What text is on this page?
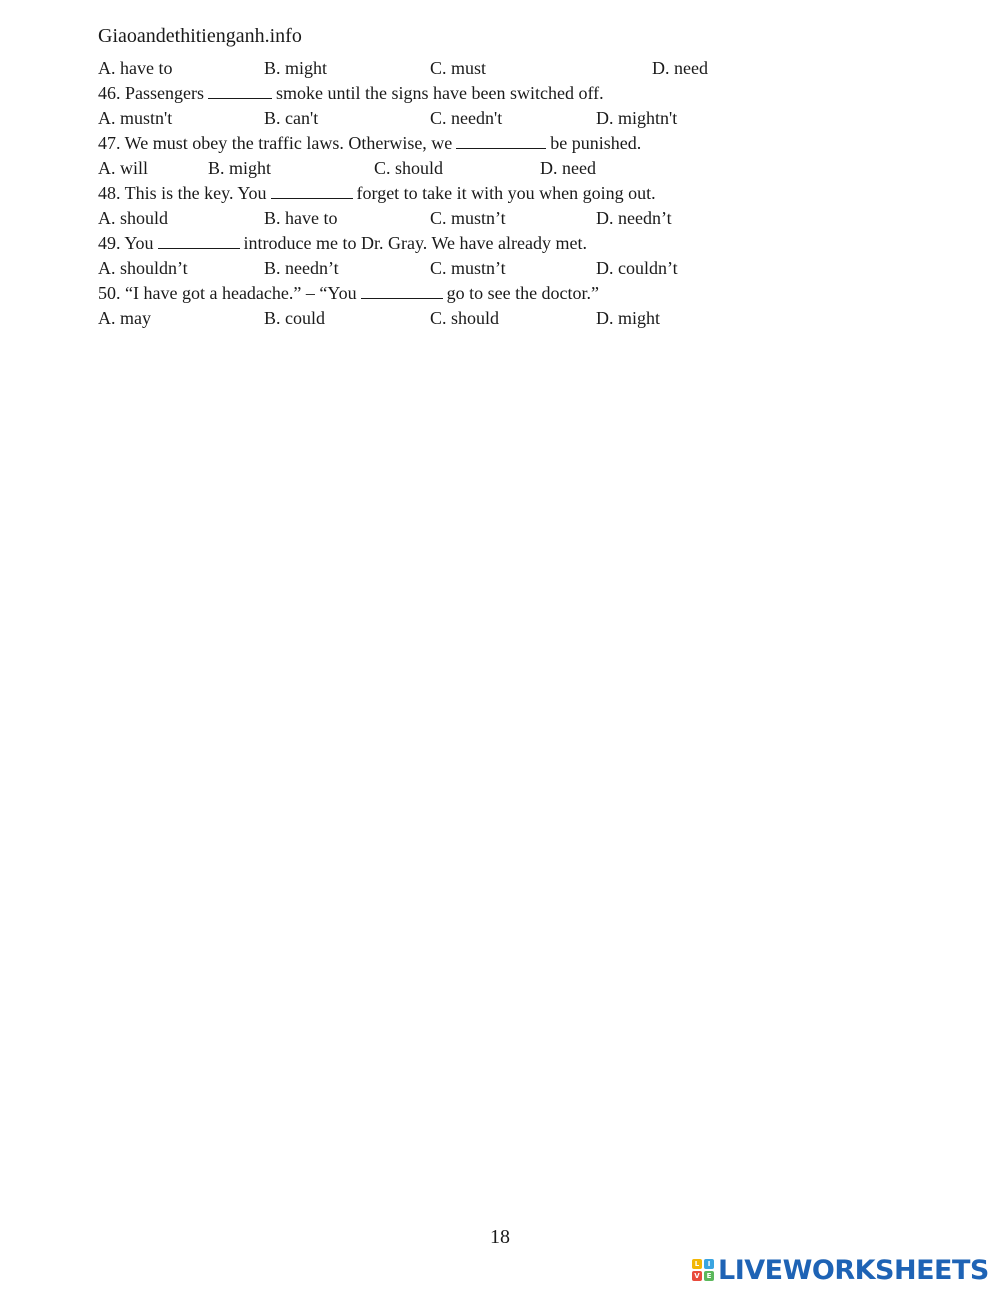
Giaoandethitienganh.info
A. have to	B. might	C. must	D. need
46. Passengers	smoke until the signs have been switched off.
A. mustn't	B. can't	C. needn't	D. mightn't
47. We must obey the traffic laws. Otherwise, we	be punished.
A. will	B. might	C. should	D. need
48. This is the key. You	forget to take it with you when going out.
A. should	B. have to	C. mustn’t	D. needn’t
49. You	introduce me to Dr. Gray. We have already met.
A. shouldn’t	B. needn’t	C. mustn’t	D. couldn’t
50. “I have got a headache.” – “You	go to see the doctor.”
A. may	B. could	C. should	D. might
18
L	I
V E LIVEWORKSHEETS
